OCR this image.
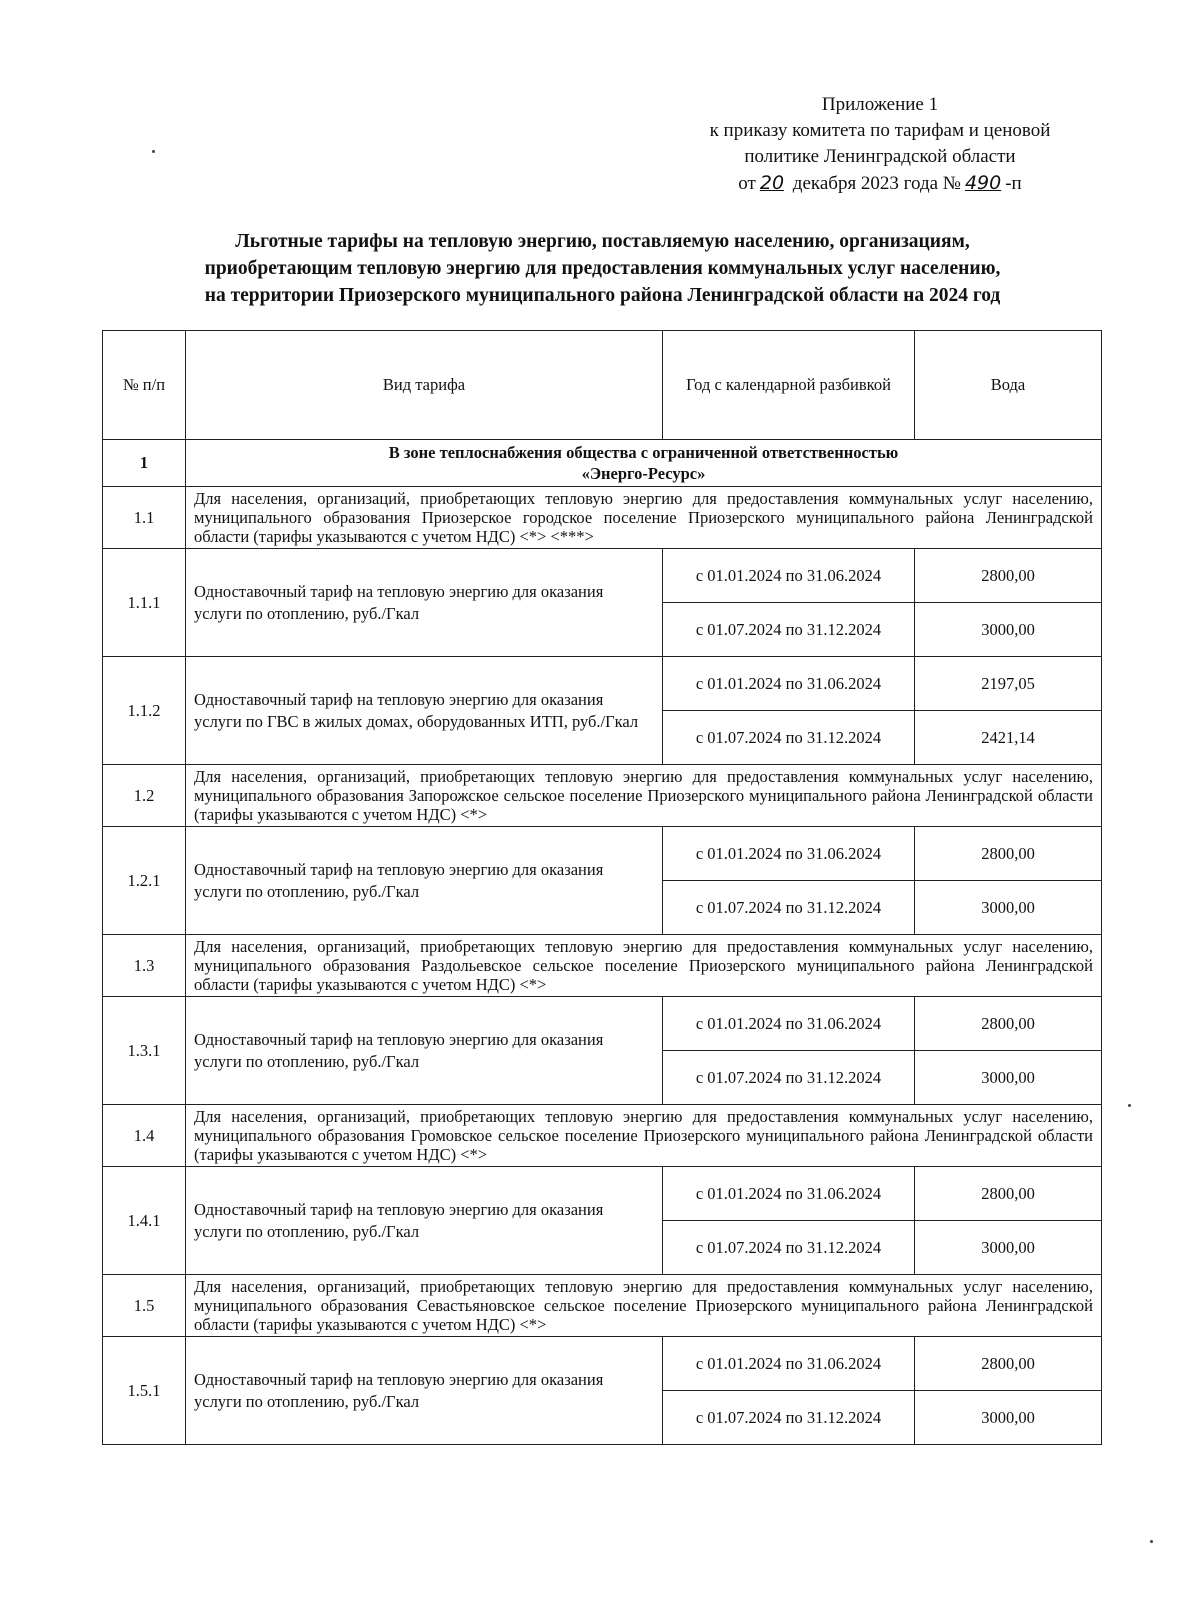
Приложение 1
к приказу комитета по тарифам и ценовой
политике Ленинградской области
от 20 декабря 2023 года № 490 -п
Льготные тарифы на тепловую энергию, поставляемую населению, организациям,
приобретающим тепловую энергию для предоставления коммунальных услуг населению,
на территории Приозерского муниципального района Ленинградской области на 2024 год
№ п/п	Вид тарифа	Год с календарной разбивкой	Вода
1	В зоне теплоснабжения общества с ограниченной ответственностью
«Энерго-Ресурс»		

1.1	Для населения, организаций, приобретающих тепловую энергию для предоставления коммунальных услуг населению, муниципального образования Приозерское городское поселение Приозерского муниципального района Ленинградской области (тарифы указываются с учетом НДС) <*> <***>		
1.1.1	Одноставочный тариф на тепловую энергию для оказания услуги по отоплению, руб./Гкал	с 01.01.2024 по 31.06.2024	2800,00
		с 01.07.2024 по 31.12.2024	3000,00
1.1.2	Одноставочный тариф на тепловую энергию для оказания услуги по ГВС в жилых домах, оборудованных ИТП, руб./Гкал	с 01.01.2024 по 31.06.2024	2197,05
		с 01.07.2024 по 31.12.2024	2421,14
1.2	Для населения, организаций, приобретающих тепловую энергию для предоставления коммунальных услуг населению, муниципального образования Запорожское сельское поселение Приозерского муниципального района Ленинградской области (тарифы указываются с учетом НДС) <*>		
1.2.1	Одноставочный тариф на тепловую энергию для оказания услуги по отоплению, руб./Гкал	с 01.01.2024 по 31.06.2024	2800,00
		с 01.07.2024 по 31.12.2024	3000,00
1.3	Для населения, организаций, приобретающих тепловую энергию для предоставления коммунальных услуг населению, муниципального образования Раздольевское сельское поселение Приозерского муниципального района Ленинградской области (тарифы указываются с учетом НДС) <*>		
1.3.1	Одноставочный тариф на тепловую энергию для оказания услуги по отоплению, руб./Гкал	с 01.01.2024 по 31.06.2024	2800,00
		с 01.07.2024 по 31.12.2024	3000,00
1.4	Для населения, организаций, приобретающих тепловую энергию для предоставления коммунальных услуг населению, муниципального образования Громовское сельское поселение Приозерского муниципального района Ленинградской области (тарифы указываются с учетом НДС) <*>		
1.4.1	Одноставочный тариф на тепловую энергию для оказания услуги по отоплению, руб./Гкал	с 01.01.2024 по 31.06.2024	2800,00
		с 01.07.2024 по 31.12.2024	3000,00
1.5	Для населения, организаций, приобретающих тепловую энергию для предоставления коммунальных услуг населению, муниципального образования Севастьяновское сельское поселение Приозерского муниципального района Ленинградской области (тарифы указываются с учетом НДС) <*>		
1.5.1	Одноставочный тариф на тепловую энергию для оказания услуги по отоплению, руб./Гкал	с 01.01.2024 по 31.06.2024	2800,00
		с 01.07.2024 по 31.12.2024	3000,00
